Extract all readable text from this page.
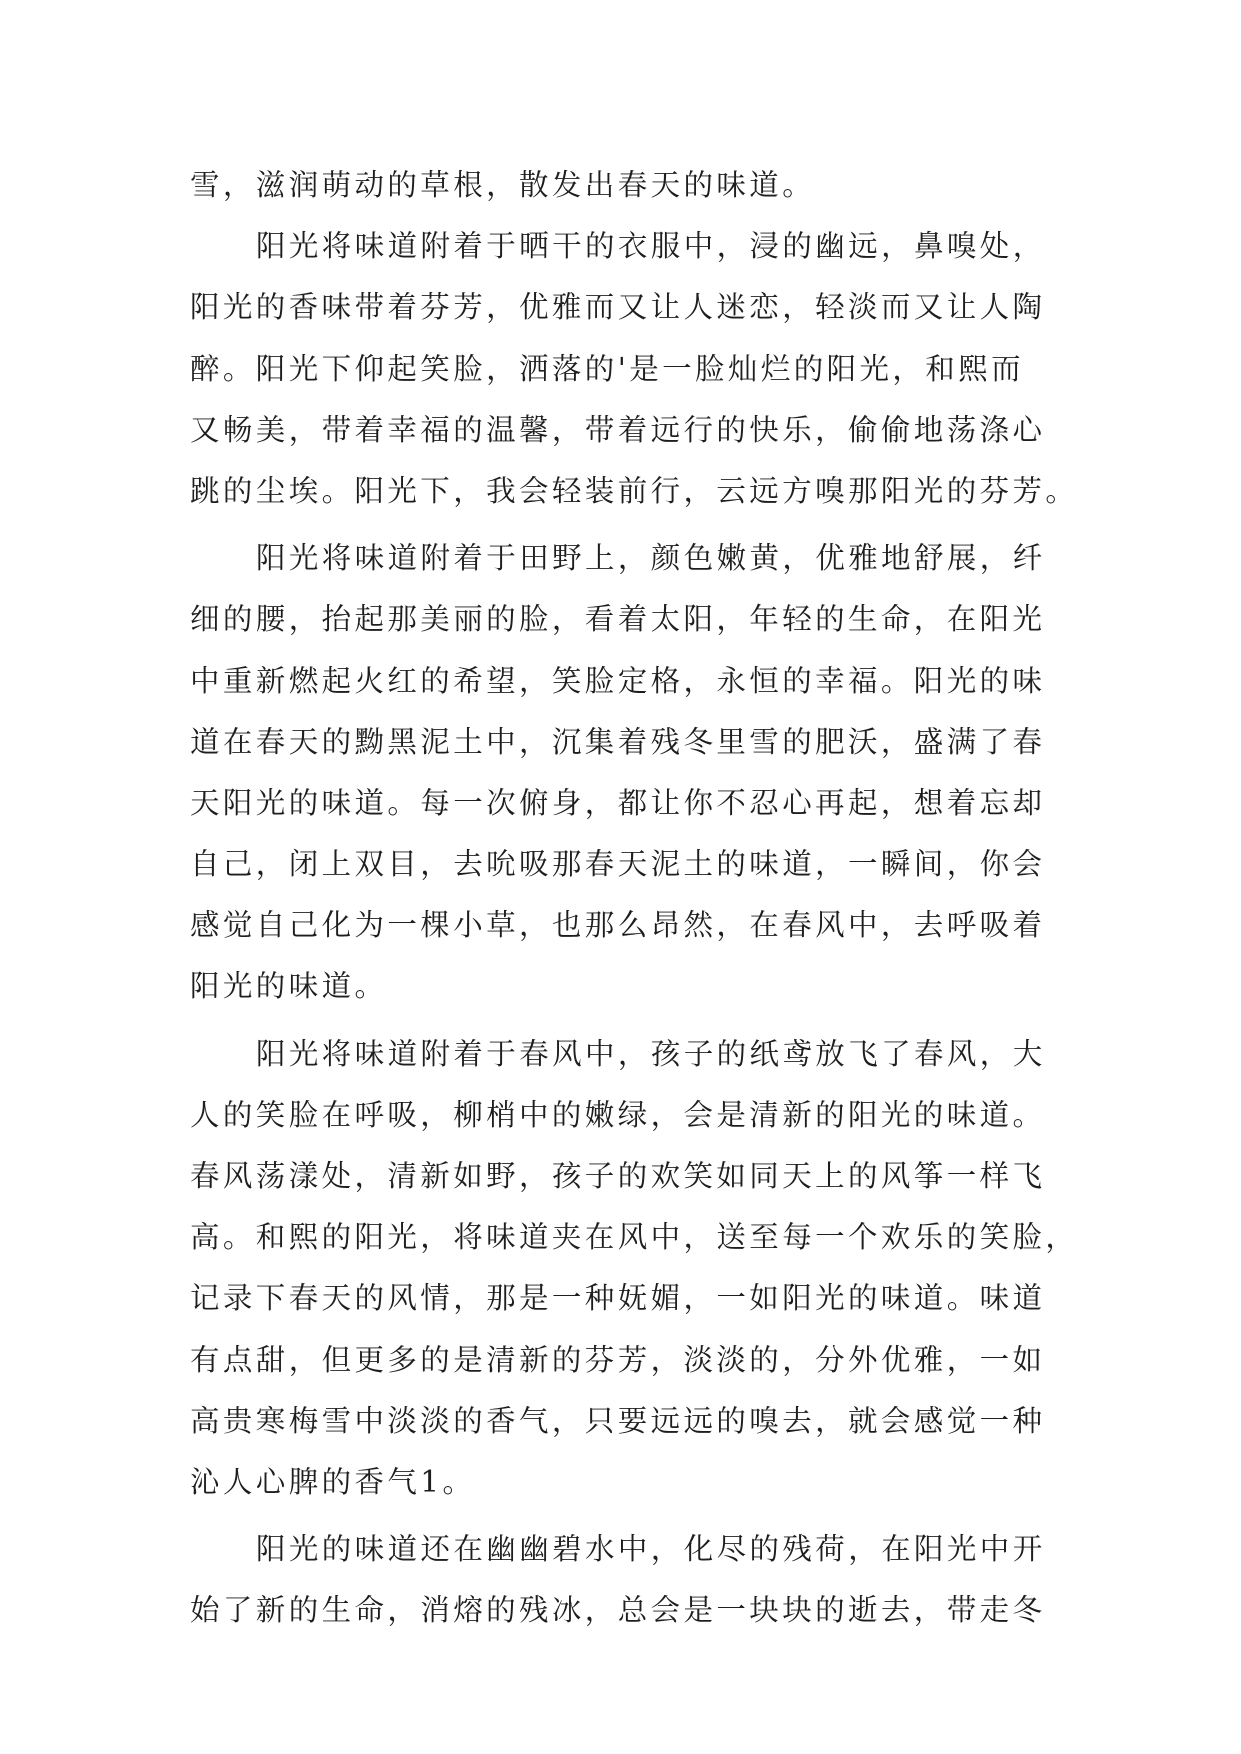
雪，滋润萌动的草根，散发出春天的味道。
阳光将味道附着于晒干的衣服中，浸的幽远，鼻嗅处，
阳光的香味带着芬芳，优雅而又让人迷恋，轻淡而又让人陶
醉。阳光下仰起笑脸，洒落的'是一脸灿烂的阳光，和熙而
又畅美，带着幸福的温馨，带着远行的快乐，偷偷地荡涤心
跳的尘埃。阳光下，我会轻装前行，云远方嗅那阳光的芬芳。
阳光将味道附着于田野上，颜色嫩黄，优雅地舒展，纤
细的腰，抬起那美丽的脸，看着太阳，年轻的生命，在阳光
中重新燃起火红的希望，笑脸定格，永恒的幸福。阳光的味
道在春天的黝黑泥土中，沉集着残冬里雪的肥沃，盛满了春
天阳光的味道。每一次俯身，都让你不忍心再起，想着忘却
自己，闭上双目，去吮吸那春天泥土的味道，一瞬间，你会
感觉自己化为一棵小草，也那么昂然，在春风中，去呼吸着
阳光的味道。
阳光将味道附着于春风中，孩子的纸鸢放飞了春风，大
人的笑脸在呼吸，柳梢中的嫩绿，会是清新的阳光的味道。
春风荡漾处，清新如野，孩子的欢笑如同天上的风筝一样飞
高。和熙的阳光，将味道夹在风中，送至每一个欢乐的笑脸，
记录下春天的风情，那是一种妩媚，一如阳光的味道。味道
有点甜，但更多的是清新的芬芳，淡淡的，分外优雅，一如
高贵寒梅雪中淡淡的香气，只要远远的嗅去，就会感觉一种
沁人心脾的香气1。
阳光的味道还在幽幽碧水中，化尽的残荷，在阳光中开
始了新的生命，消熔的残冰，总会是一块块的逝去，带走冬
